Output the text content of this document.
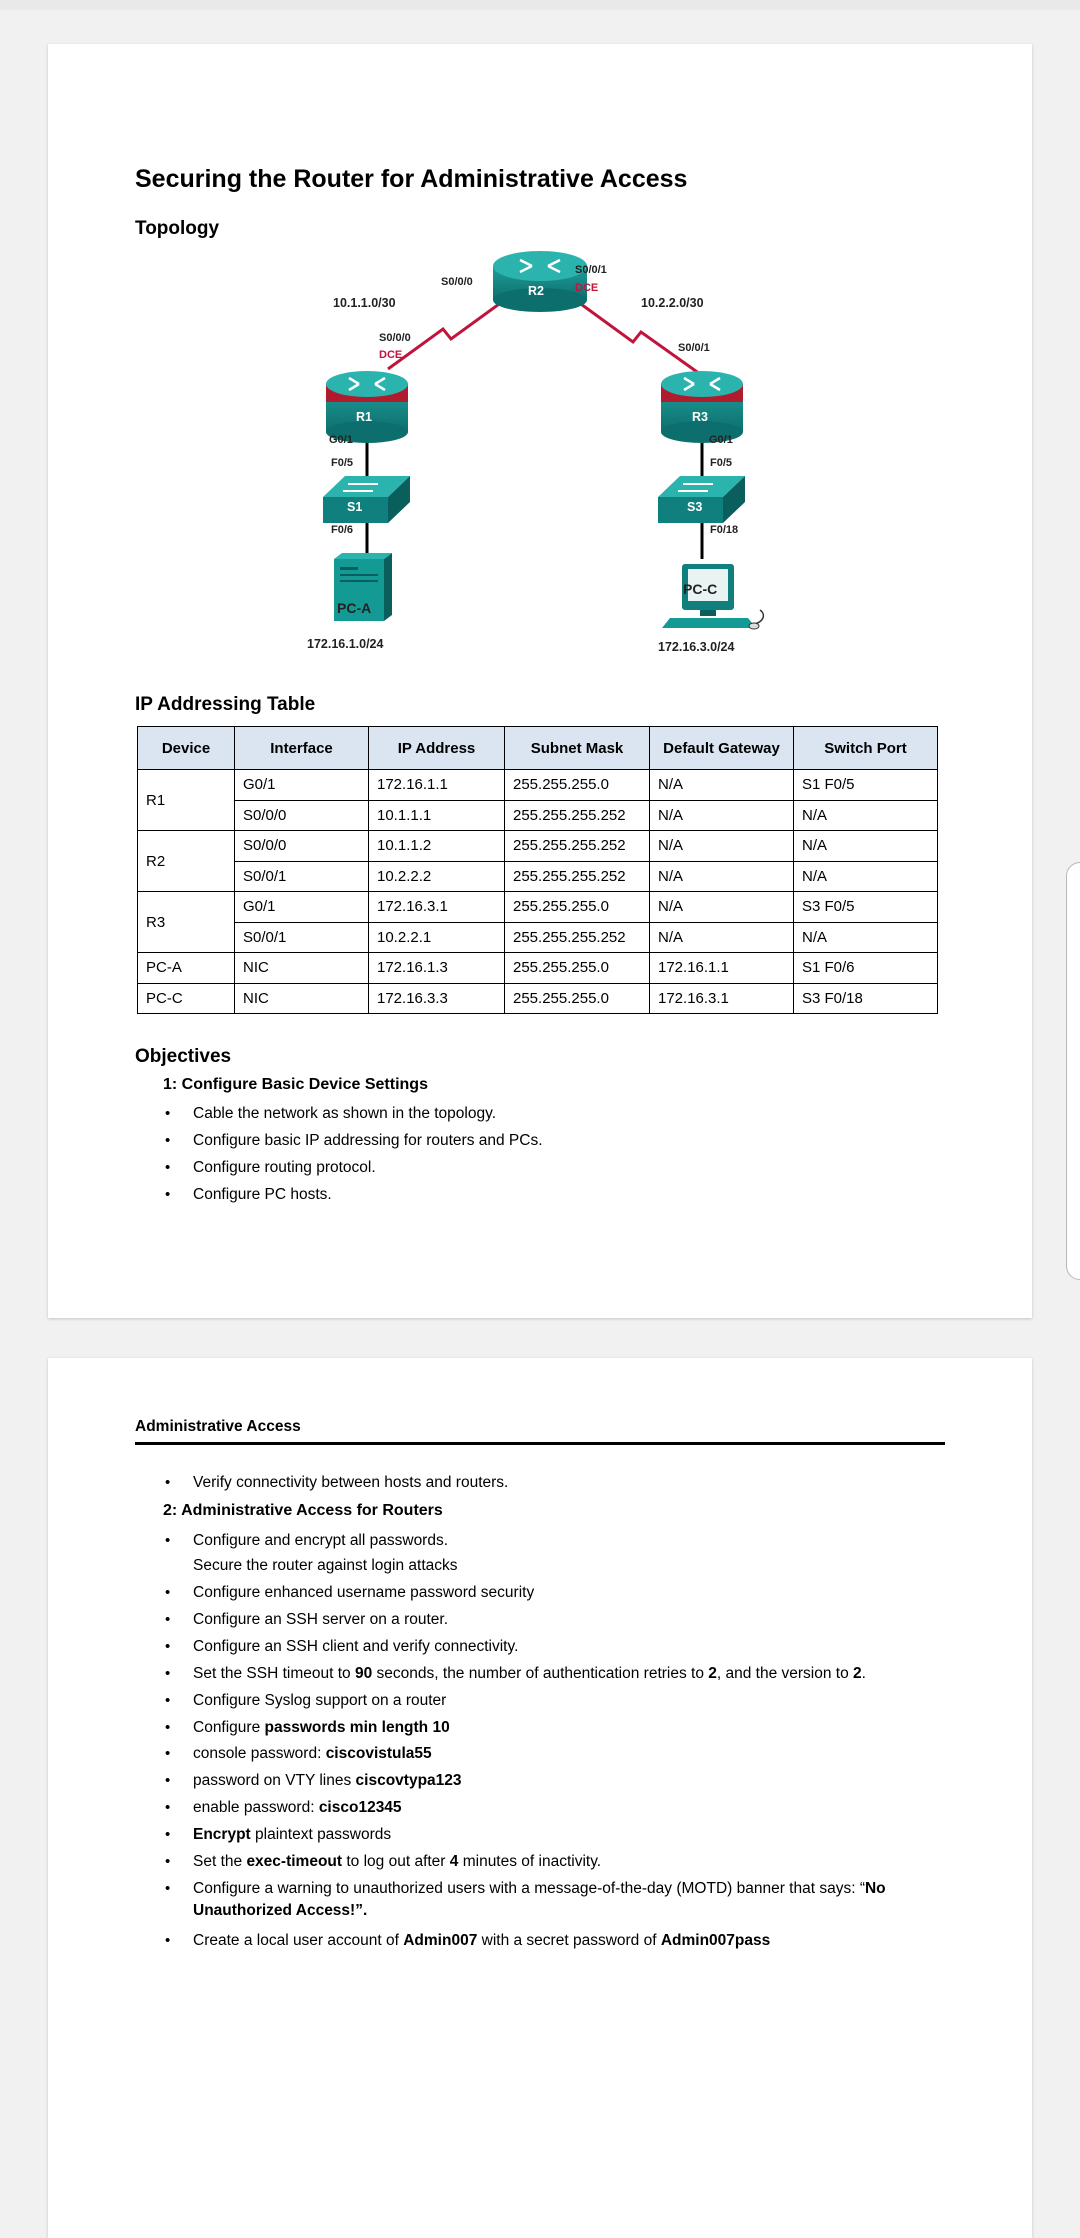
Securing the Router for Administrative Access
Topology
R2
S0/0/0
S0/0/1
DCE
10.1.1.0/30	10.2.2.0/30
S0/0/0
DCE
R1
G0/1
F0/5
S1
F0/6
PC-A
172.16.1.0/24
S0/0/1
R3
G0/1
F0/5
S3
F0/18
PC-C
172.16.3.0/24
IP Addressing Table
Device	Interface	IP Address	Subnet Mask	Default Gateway	Switch Port
R1	G0/1	172.16.1.1	255.255.255.0	N/A	S1 F0/5
	S0/0/0	10.1.1.1	255.255.255.252	N/A	N/A
R2	S0/0/0	10.1.1.2	255.255.255.252	N/A	N/A
	S0/0/1	10.2.2.2	255.255.255.252	N/A	N/A
R3	G0/1	172.16.3.1	255.255.255.0	N/A	S3 F0/5
	S0/0/1	10.2.2.1	255.255.255.252	N/A	N/A
PC-A	NIC	172.16.1.3	255.255.255.0	172.16.1.1	S1 F0/6
PC-C	NIC	172.16.3.3	255.255.255.0	172.16.3.1	S3 F0/18
Objectives
1: Configure Basic Device Settings
• Cable the network as shown in the topology.
• Configure basic IP addressing for routers and PCs.
• Configure routing protocol.
• Configure PC hosts.
Administrative Access
• Verify connectivity between hosts and routers.
2: Administrative Access for Routers
• Configure and encrypt all passwords.
Secure the router against login attacks
• Configure enhanced username password security
• Configure an SSH server on a router.
• Configure an SSH client and verify connectivity.
• Set the SSH timeout to 90 seconds, the number of authentication retries to 2, and the version to 2.
• Configure Syslog support on a router
• Configure passwords min length 10
• console password: ciscovistula55
• password on VTY lines ciscovtypa123
• enable password: cisco12345
• Encrypt plaintext passwords
• Set the exec-timeout to log out after 4 minutes of inactivity.
• Configure a warning to unauthorized users with a message-of-the-day (MOTD) banner that says: “No
Unauthorized Access!”.
• Create a local user account of Admin007 with a secret password of Admin007pass
